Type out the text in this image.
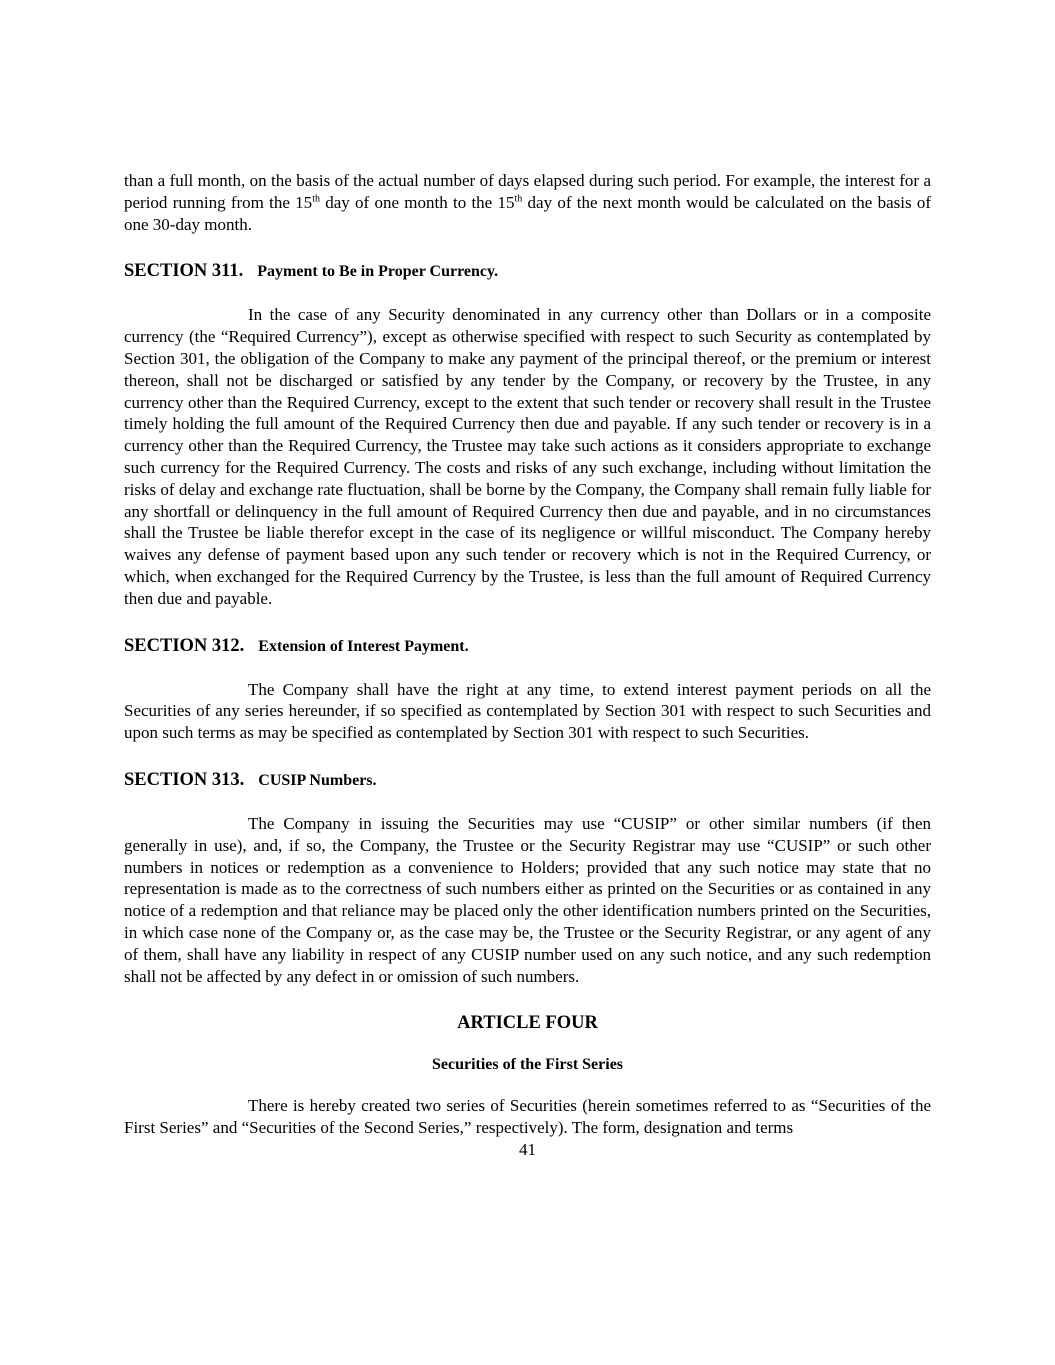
than a full month, on the basis of the actual number of days elapsed during such period. For example, the interest for a period running from the 15th day of one month to the 15th day of the next month would be calculated on the basis of one 30-day month.

SECTION 311. Payment to Be in Proper Currency.

In the case of any Security denominated in any currency other than Dollars or in a composite currency (the “Required Currency”), except as otherwise specified with respect to such Security as contemplated by Section 301, the obligation of the Company to make any payment of the principal thereof, or the premium or interest thereon, shall not be discharged or satisfied by any tender by the Company, or recovery by the Trustee, in any currency other than the Required Currency, except to the extent that such tender or recovery shall result in the Trustee timely holding the full amount of the Required Currency then due and payable. If any such tender or recovery is in a currency other than the Required Currency, the Trustee may take such actions as it considers appropriate to exchange such currency for the Required Currency. The costs and risks of any such exchange, including without limitation the risks of delay and exchange rate fluctuation, shall be borne by the Company, the Company shall remain fully liable for any shortfall or delinquency in the full amount of Required Currency then due and payable, and in no circumstances shall the Trustee be liable therefor except in the case of its negligence or willful misconduct. The Company hereby waives any defense of payment based upon any such tender or recovery which is not in the Required Currency, or which, when exchanged for the Required Currency by the Trustee, is less than the full amount of Required Currency then due and payable.

SECTION 312. Extension of Interest Payment.

The Company shall have the right at any time, to extend interest payment periods on all the Securities of any series hereunder, if so specified as contemplated by Section 301 with respect to such Securities and upon such terms as may be specified as contemplated by Section 301 with respect to such Securities.

SECTION 313. CUSIP Numbers.

The Company in issuing the Securities may use “CUSIP” or other similar numbers (if then generally in use), and, if so, the Company, the Trustee or the Security Registrar may use “CUSIP” or such other numbers in notices or redemption as a convenience to Holders; provided that any such notice may state that no representation is made as to the correctness of such numbers either as printed on the Securities or as contained in any notice of a redemption and that reliance may be placed only the other identification numbers printed on the Securities, in which case none of the Company or, as the case may be, the Trustee or the Security Registrar, or any agent of any of them, shall have any liability in respect of any CUSIP number used on any such notice, and any such redemption shall not be affected by any defect in or omission of such numbers.

ARTICLE FOUR
Securities of the First Series

There is hereby created two series of Securities (herein sometimes referred to as “Securities of the First Series” and “Securities of the Second Series,” respectively). The form, designation and terms

41
